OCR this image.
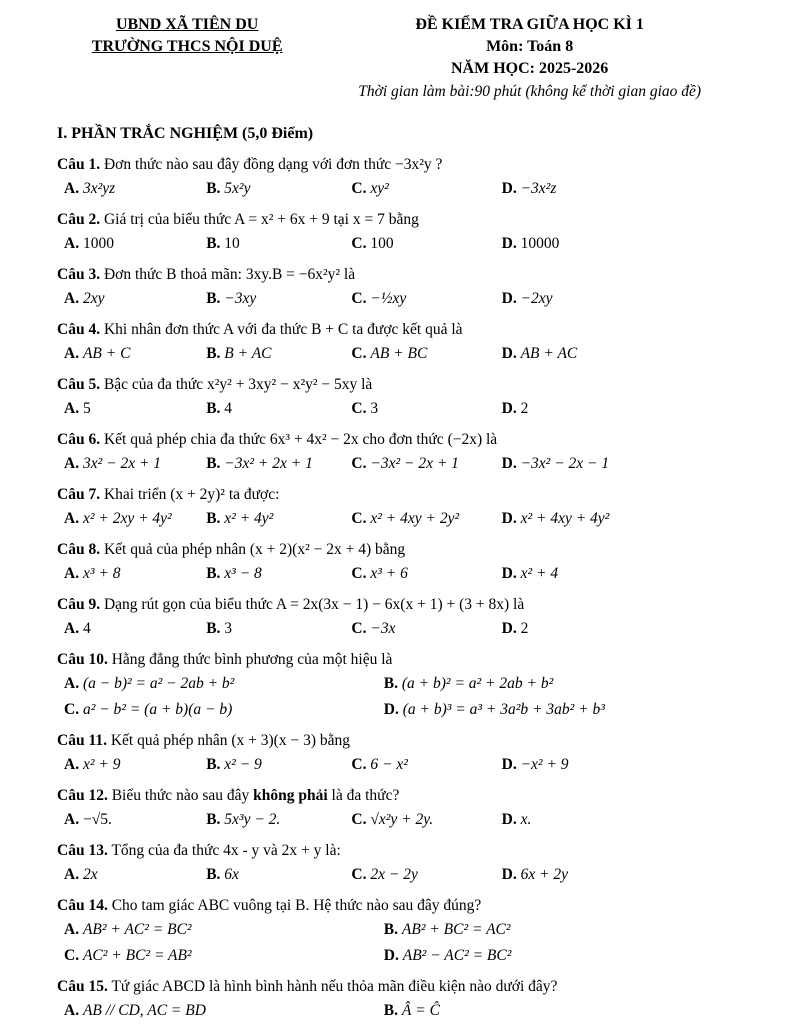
UBND XÃ TIÊN DU
TRƯỜNG THCS NỘI DUỆ
ĐỀ KIỂM TRA GIỮA HỌC KÌ 1
Môn: Toán 8
NĂM HỌC: 2025-2026
Thời gian làm bài:90 phút (không kể thời gian giao đề)
I. PHẦN TRẮC NGHIỆM (5,0 Điểm)
Câu 1. Đơn thức nào sau đây đồng dạng với đơn thức −3x²y ?
A. 3x²yz	B. 5x²y	C. xy²	D. −3x²z
Câu 2. Giá trị của biểu thức A = x² + 6x + 9 tại x = 7 bằng
A. 1000	B. 10	C. 100	D. 10000
Câu 3. Đơn thức B thoả mãn: 3xy.B = −6x²y² là
A. 2xy	B. −3xy	C. −½xy	D. −2xy
Câu 4. Khi nhân đơn thức A với đa thức B + C ta được kết quả là
A. AB + C	B. B + AC	C. AB + BC	D. AB + AC
Câu 5. Bậc của đa thức x²y² + 3xy² − x²y² − 5xy là
A. 5	B. 4	C. 3	D. 2
Câu 6. Kết quả phép chia đa thức 6x³ + 4x² − 2x cho đơn thức (−2x) là
A. 3x² − 2x + 1	B. −3x² + 2x + 1	C. −3x² − 2x + 1	D. −3x² − 2x − 1
Câu 7. Khai triển (x + 2y)² ta được:
A. x² + 2xy + 4y²	B. x² + 4y²	C. x² + 4xy + 2y²	D. x² + 4xy + 4y²
Câu 8. Kết quả của phép nhân (x + 2)(x² − 2x + 4) bằng
A. x³ + 8	B. x³ − 8	C. x³ + 6	D. x² + 4
Câu 9. Dạng rút gọn của biểu thức A = 2x(3x − 1) − 6x(x + 1) + (3 + 8x) là
A. 4	B. 3	C. −3x	D. 2
Câu 10. Hằng đẳng thức bình phương của một hiệu là
A. (a − b)² = a² − 2ab + b²	B. (a + b)² = a² + 2ab + b²
C. a² − b² = (a + b)(a − b)	D. (a + b)³ = a³ + 3a²b + 3ab² + b³
Câu 11. Kết quả phép nhân (x + 3)(x − 3) bằng
A. x² + 9	B. x² − 9	C. 6 − x²	D. −x² + 9
Câu 12. Biểu thức nào sau đây không phải là đa thức?
A. −√5.	B. 5x³y − 2.	C. √x²y + 2y.	D. x.
Câu 13. Tổng của đa thức 4x - y và 2x + y là:
A. 2x	B. 6x	C. 2x − 2y	D. 6x + 2y
Câu 14. Cho tam giác ABC vuông tại B. Hệ thức nào sau đây đúng?
A. AB² + AC² = BC²	B. AB² + BC² = AC²
C. AC² + BC² = AB²	D. AB² − AC² = BC²
Câu 15. Tứ giác ABCD là hình bình hành nếu thỏa mãn điều kiện nào dưới đây?
A. AB // CD, AC = BD	B. Â = Ĉ
